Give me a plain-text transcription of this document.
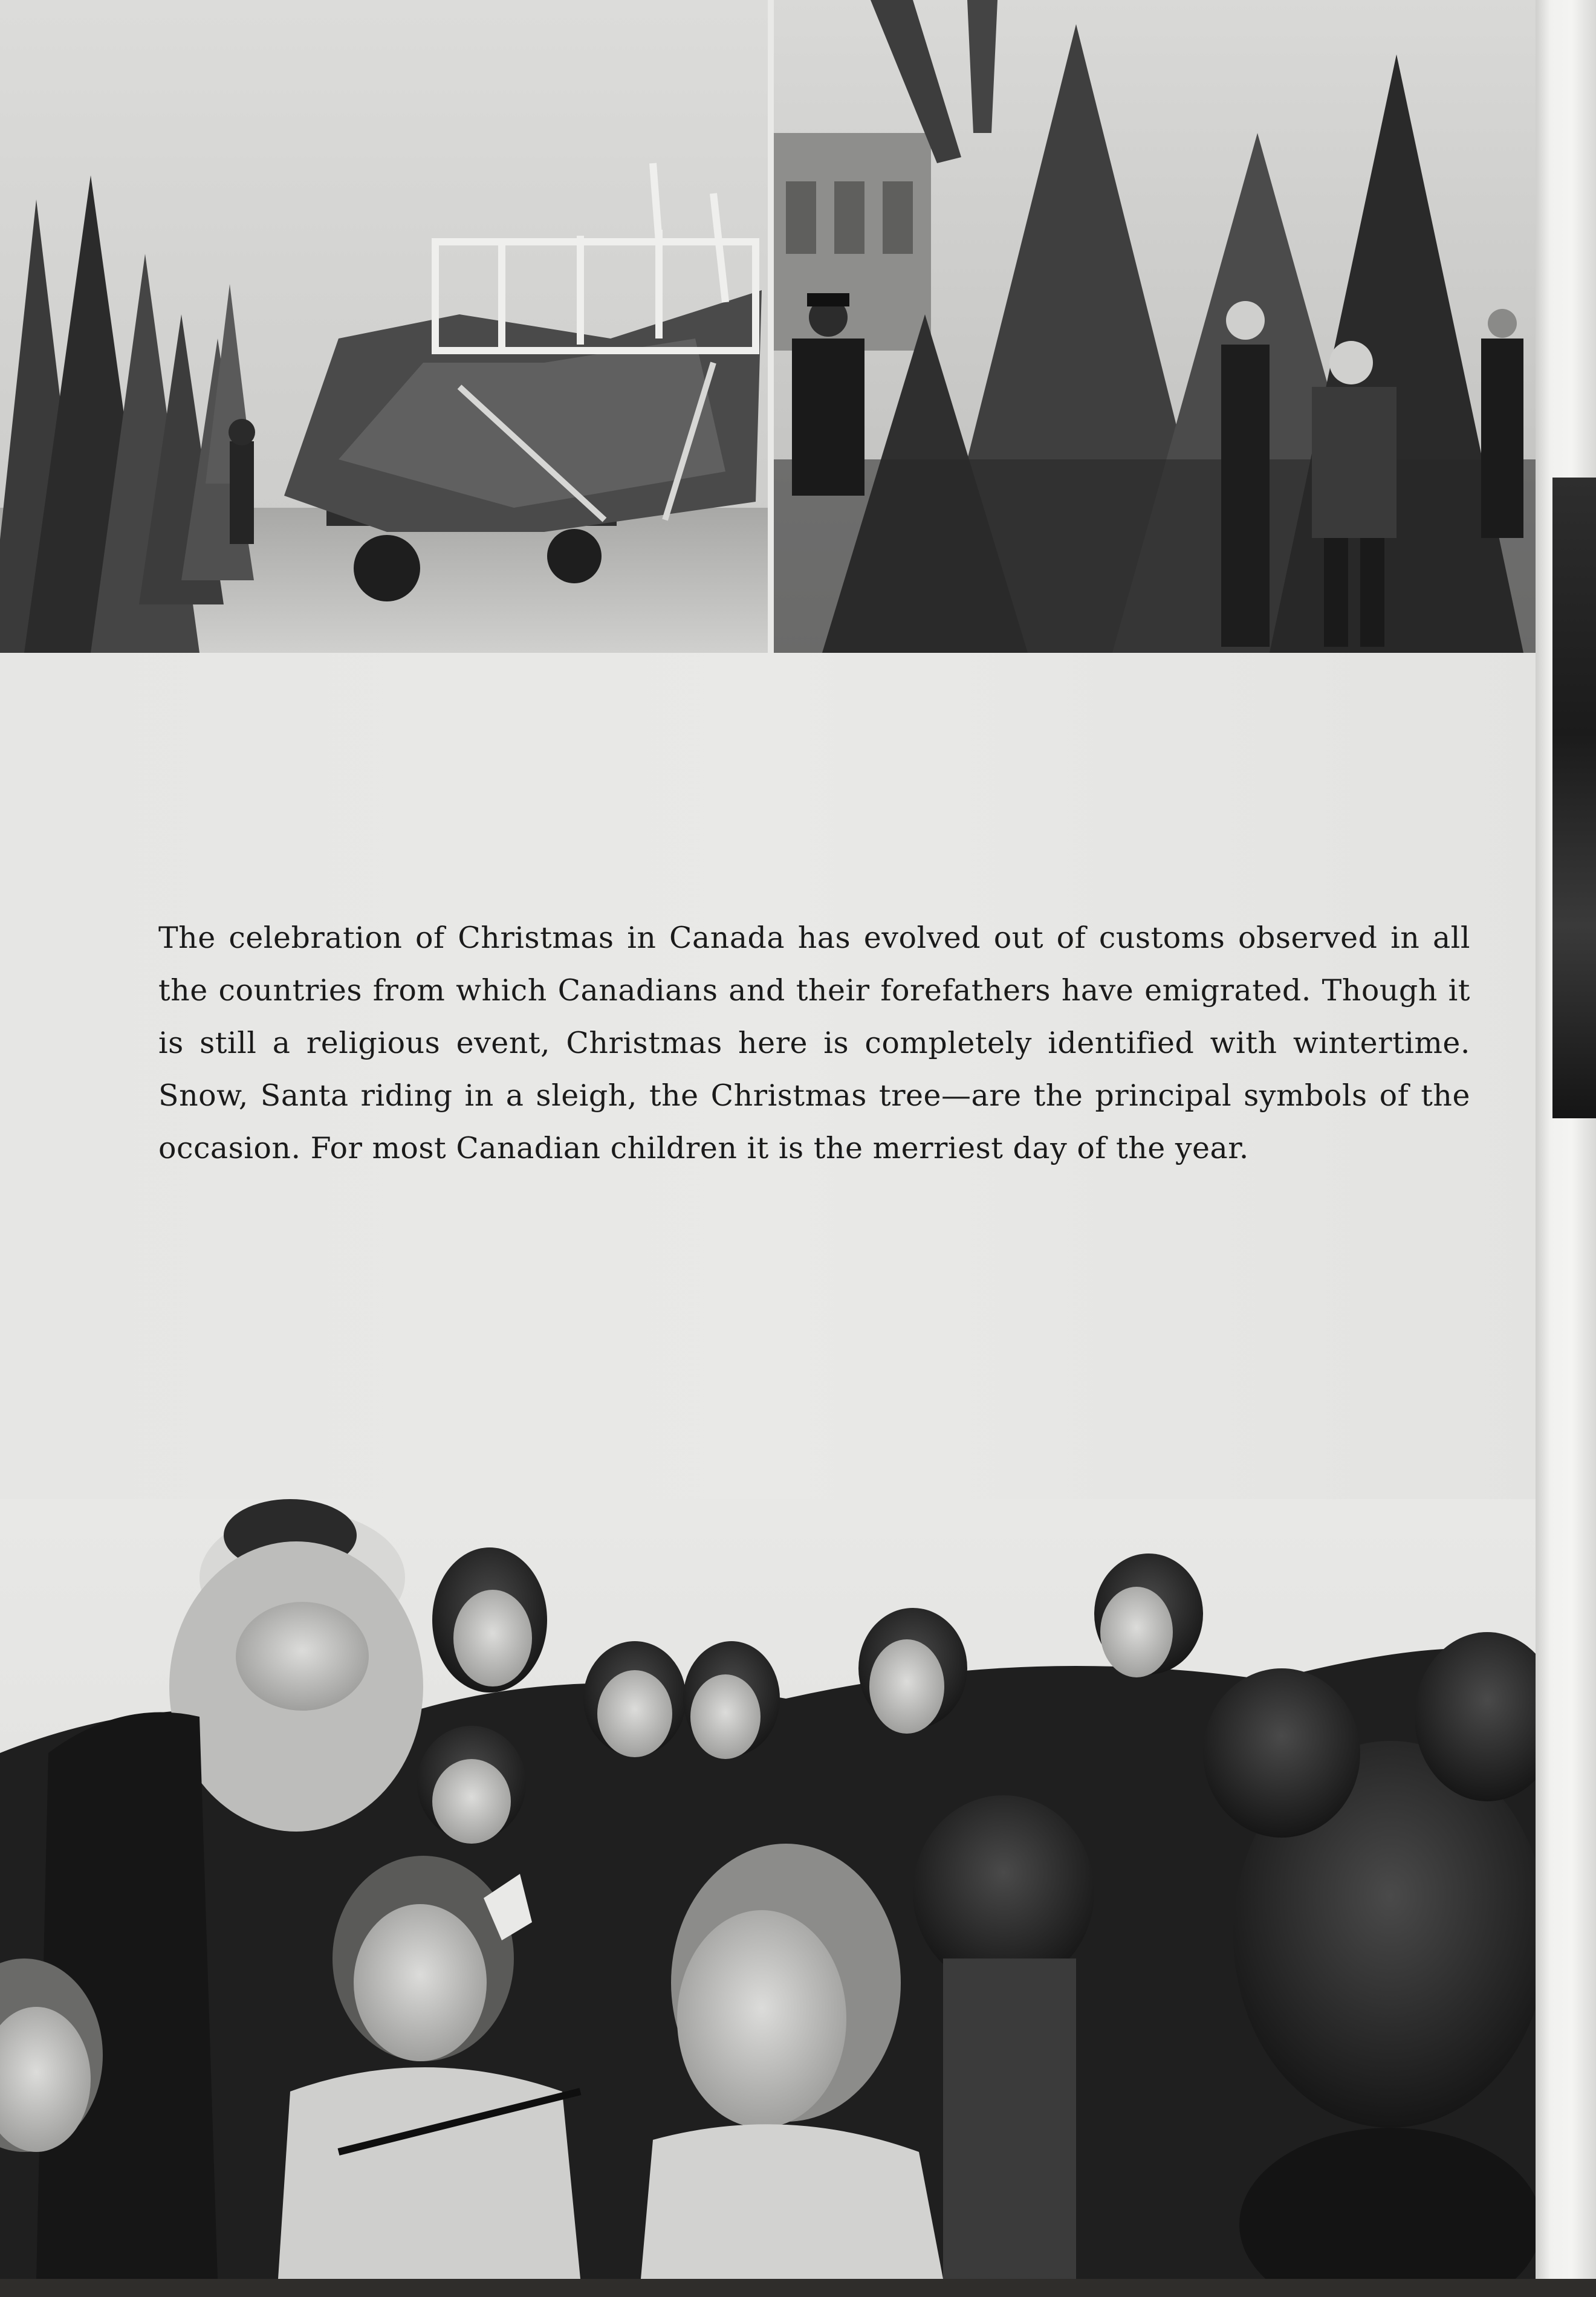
The celebration of Christmas in Canada has evolved out of customs observed in all the countries from which Canadians and their forefathers have emigrated. Though it is still a religious event, Christmas here is completely identified with wintertime. Snow, Santa riding in a sleigh, the Christmas tree—are the principal symbols of the occasion. For most Canadian children it is the merriest day of the year.
